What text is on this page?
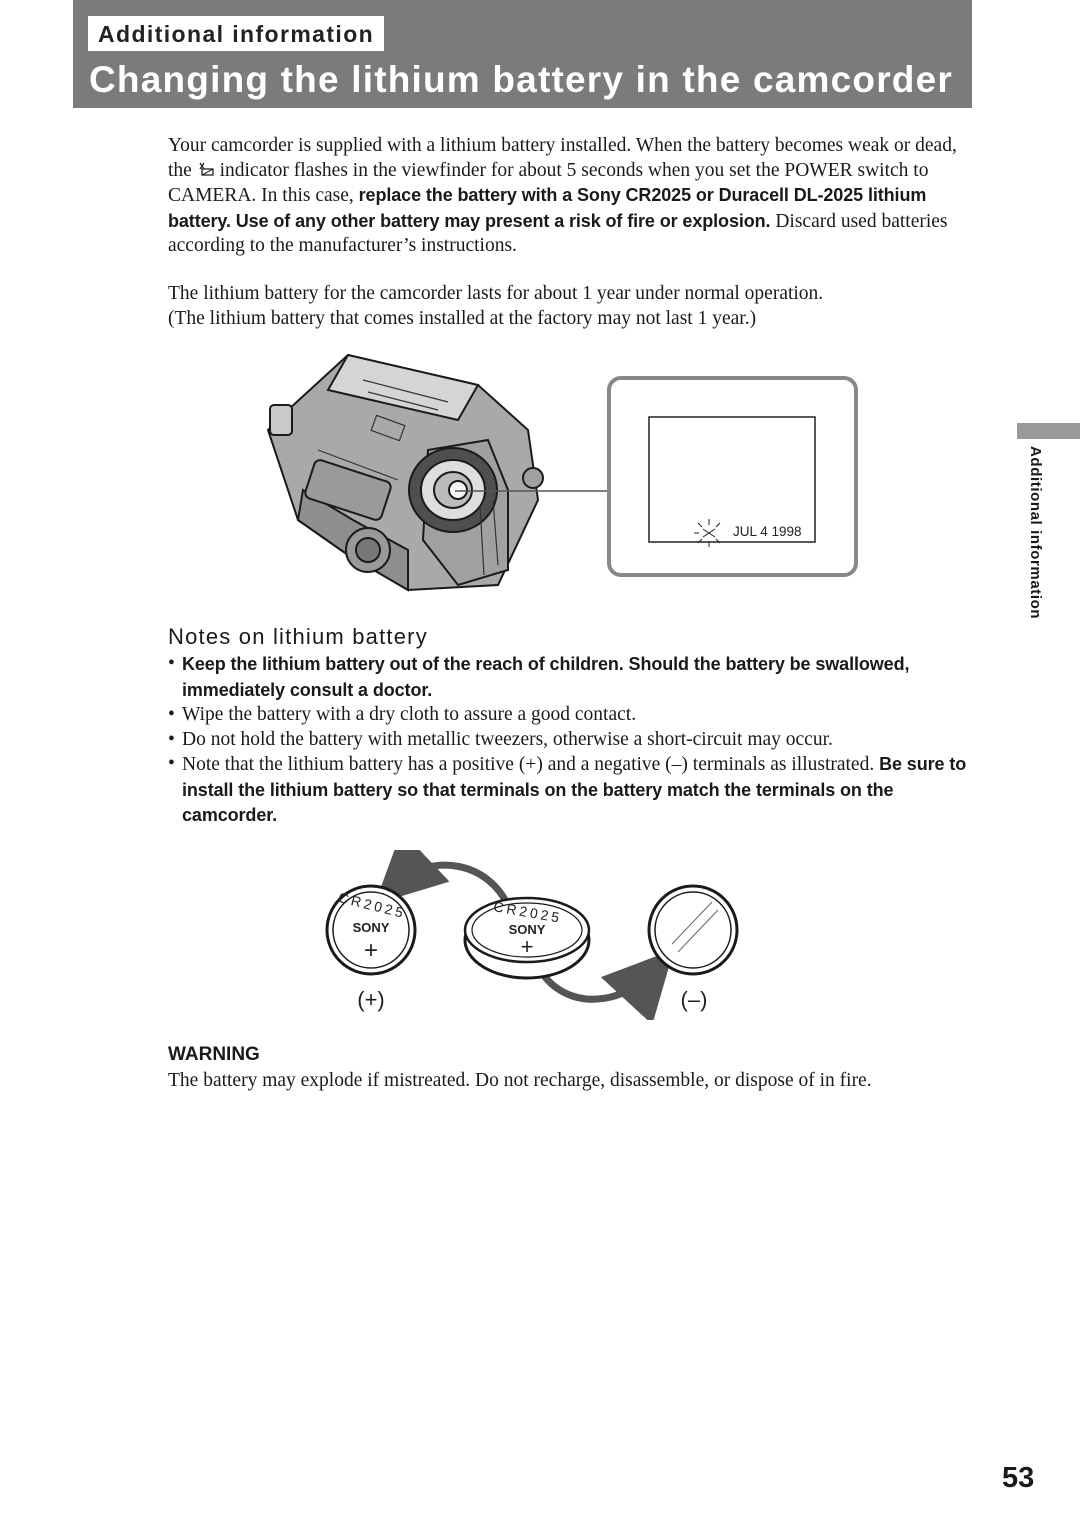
Additional information
Changing the lithium battery in the camcorder

Your camcorder is supplied with a lithium battery installed. When the battery becomes weak or dead, the  indicator flashes in the viewfinder for about 5 seconds when you set the POWER switch to CAMERA. In this case, replace the battery with a Sony CR2025 or Duracell DL-2025 lithium battery. Use of any other battery may present a risk of fire or explosion. Discard used batteries according to the manufacturer’s instructions.

The lithium battery for the camcorder lasts for about 1 year under normal operation.
(The lithium battery that comes installed at the factory may not last 1 year.)

JUL 4 1998
Notes on lithium battery
• Keep the lithium battery out of the reach of children. Should the battery be swallowed, immediately consult a doctor.
• Wipe the battery with a dry cloth to assure a good contact.
• Do not hold the battery with metallic tweezers, otherwise a short-circuit may occur.
• Note that the lithium battery has a positive (+) and a negative (–) terminals as illustrated. Be sure to install the lithium battery so that terminals on the battery match the terminals on the camcorder.
CR2025
SONY
+
CR2025
SONY
+
(+)	(–)
WARNING

The battery may explode if mistreated. Do not recharge, disassemble, or dispose of in fire.

Additional information
53
